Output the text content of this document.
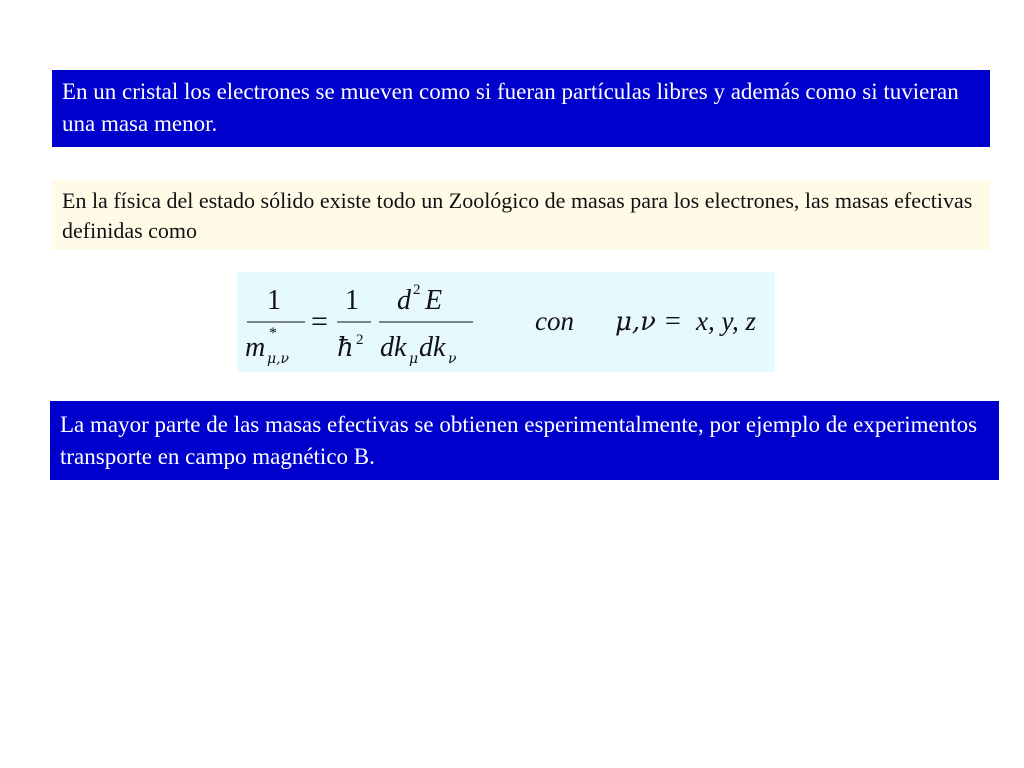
En un cristal los electrones se mueven como si fueran partículas libres y además como si tuvieran una masa menor.
En la física del estado sólido existe todo un Zoológico de masas para los electrones, las masas efectivas definidas como
1
m *
μ,ν
=
1
ħ 2
d 2 E
dk μ dk ν
con μ,ν = x, y, z
La mayor parte de las masas efectivas se obtienen esperimentalmente, por ejemplo de experimentos transporte en campo magnético B.
